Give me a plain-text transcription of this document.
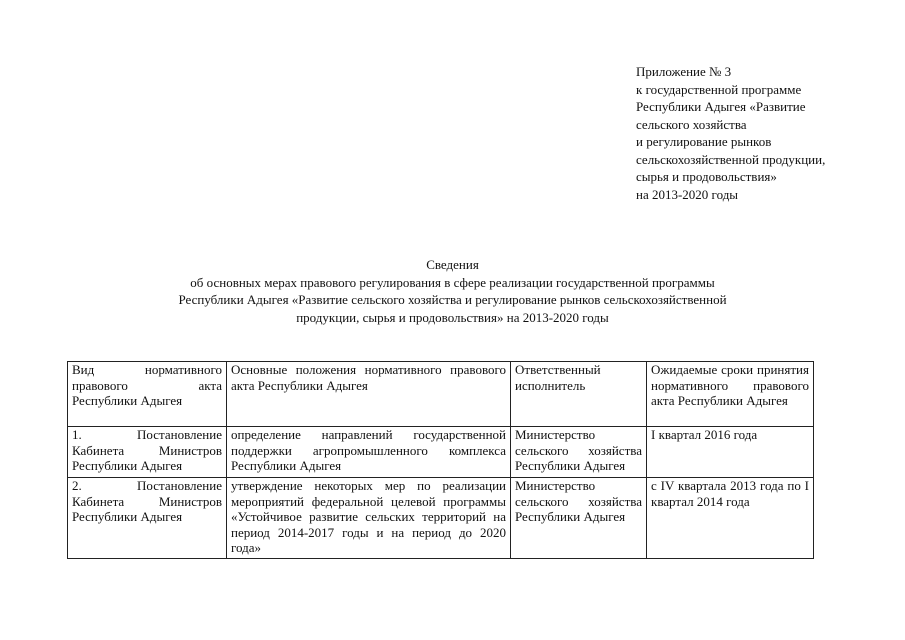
Приложение № 3
к государственной программе
Республики Адыгея «Развитие
сельского хозяйства
и регулирование рынков
сельскохозяйственной продукции,
сырья и продовольствия»
на 2013-2020 годы
Сведения
об основных мерах правового регулирования в сфере реализации государственной программы
Республики Адыгея «Развитие сельского хозяйства и регулирование рынков сельскохозяйственной
продукции, сырья и продовольствия» на 2013-2020 годы
Вид нормативного правового акта Республики Адыгея	Основные положения нормативного правового акта Республики Адыгея	Ответственный исполнитель	Ожидаемые сроки принятия нормативного правового акта Республики Адыгея
1. Постановление Кабинета Министров Республики Адыгея	определение направлений государственной поддержки агропромышленного комплекса Республики Адыгея	Министерство сельского хозяйства Республики Адыгея	I квартал 2016 года
2. Постановление Кабинета Министров Республики Адыгея	утверждение некоторых мер по реализации мероприятий федеральной целевой программы «Устойчивое развитие сельских территорий на период 2014-2017 годы и на период до 2020 года»	Министерство сельского хозяйства Республики Адыгея	с IV квартала 2013 года по I квартал 2014 года
